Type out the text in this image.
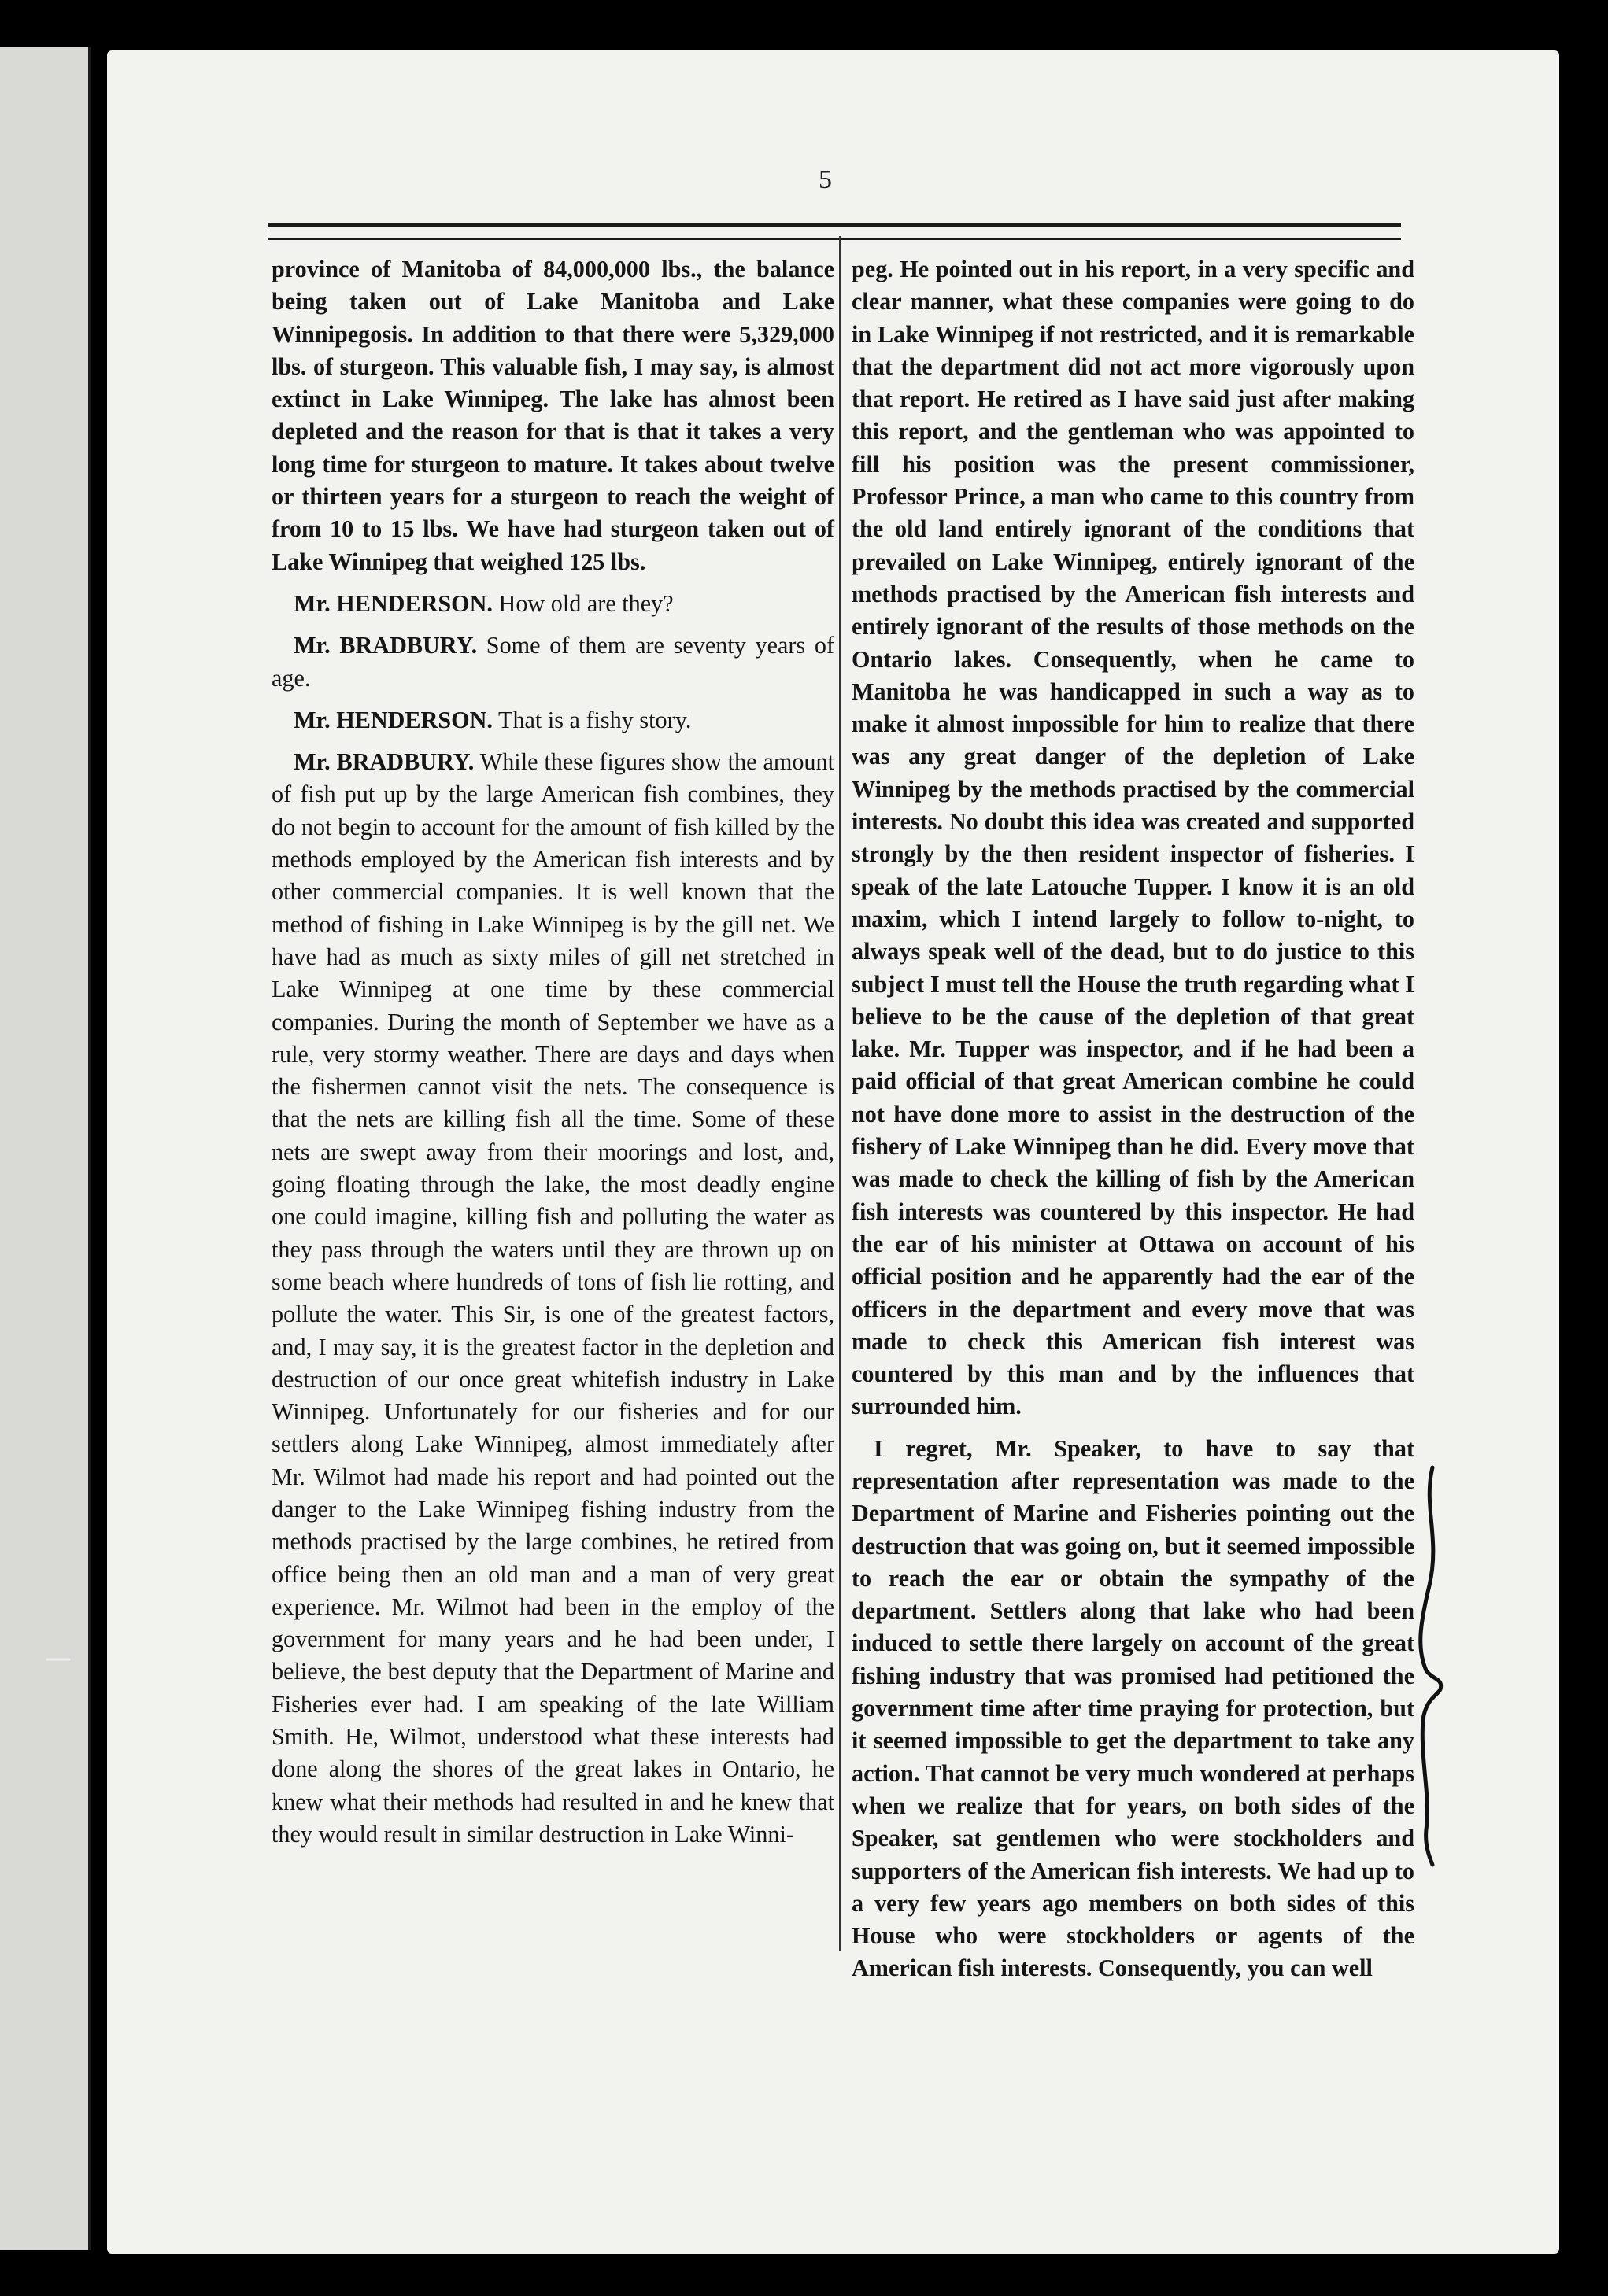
5

province of Manitoba of 84,000,000 lbs., the balance being taken out of Lake Manitoba and Lake Winnipegosis. In addition to that there were 5,329,000 lbs. of sturgeon. This valuable fish, I may say, is almost extinct in Lake Winnipeg. The lake has almost been depleted and the reason for that is that it takes a very long time for sturgeon to mature. It takes about twelve or thirteen years for a sturgeon to reach the weight of from 10 to 15 lbs. We have had sturgeon taken out of Lake Winnipeg that weighed 125 lbs.

Mr. HENDERSON. How old are they?

Mr. BRADBURY. Some of them are seventy years of age.

Mr. HENDERSON. That is a fishy story.

Mr. BRADBURY. While these figures show the amount of fish put up by the large American fish combines, they do not begin to account for the amount of fish killed by the methods employed by the American fish interests and by other commercial companies. It is well known that the method of fishing in Lake Winnipeg is by the gill net. We have had as much as sixty miles of gill net stretched in Lake Winnipeg at one time by these commercial companies. During the month of September we have as a rule, very stormy weather. There are days and days when the fishermen cannot visit the nets. The consequence is that the nets are killing fish all the time. Some of these nets are swept away from their moorings and lost, and, going floating through the lake, the most deadly engine one could imagine, killing fish and polluting the water as they pass through the waters until they are thrown up on some beach where hundreds of tons of fish lie rotting, and pollute the water. This Sir, is one of the greatest factors, and, I may say, it is the greatest factor in the depletion and destruction of our once great whitefish industry in Lake Winnipeg. Unfortunately for our fisheries and for our settlers along Lake Winnipeg, almost immediately after Mr. Wilmot had made his report and had pointed out the danger to the Lake Winnipeg fishing industry from the methods practised by the large combines, he retired from office being then an old man and a man of very great experience. Mr. Wilmot had been in the employ of the government for many years and he had been under, I believe, the best deputy that the Department of Marine and Fisheries ever had. I am speaking of the late William Smith. He, Wilmot, understood what these interests had done along the shores of the great lakes in Ontario, he knew what their methods had resulted in and he knew that they would result in similar destruction in Lake Winni-

peg. He pointed out in his report, in a very specific and clear manner, what these companies were going to do in Lake Winnipeg if not restricted, and it is remarkable that the department did not act more vigorously upon that report. He retired as I have said just after making this report, and the gentleman who was appointed to fill his position was the present commissioner, Professor Prince, a man who came to this country from the old land entirely ignorant of the conditions that prevailed on Lake Winnipeg, entirely ignorant of the methods practised by the American fish interests and entirely ignorant of the results of those methods on the Ontario lakes. Consequently, when he came to Manitoba he was handicapped in such a way as to make it almost impossible for him to realize that there was any great danger of the depletion of Lake Winnipeg by the methods practised by the commercial interests. No doubt this idea was created and supported strongly by the then resident inspector of fisheries. I speak of the late Latouche Tupper. I know it is an old maxim, which I intend largely to follow to-night, to always speak well of the dead, but to do justice to this subject I must tell the House the truth regarding what I believe to be the cause of the depletion of that great lake. Mr. Tupper was inspector, and if he had been a paid official of that great American combine he could not have done more to assist in the destruction of the fishery of Lake Winnipeg than he did. Every move that was made to check the killing of fish by the American fish interests was countered by this inspector. He had the ear of his minister at Ottawa on account of his official position and he apparently had the ear of the officers in the department and every move that was made to check this American fish interest was countered by this man and by the influences that surrounded him.

I regret, Mr. Speaker, to have to say that representation after representation was made to the Department of Marine and Fisheries pointing out the destruction that was going on, but it seemed impossible to reach the ear or obtain the sympathy of the department. Settlers along that lake who had been induced to settle there largely on account of the great fishing industry that was promised had petitioned the government time after time praying for protection, but it seemed impossible to get the department to take any action. That cannot be very much wondered at perhaps when we realize that for years, on both sides of the Speaker, sat gentlemen who were stockholders and supporters of the American fish interests. We had up to a very few years ago members on both sides of this House who were stockholders or agents of the American fish interests. Consequently, you can well
